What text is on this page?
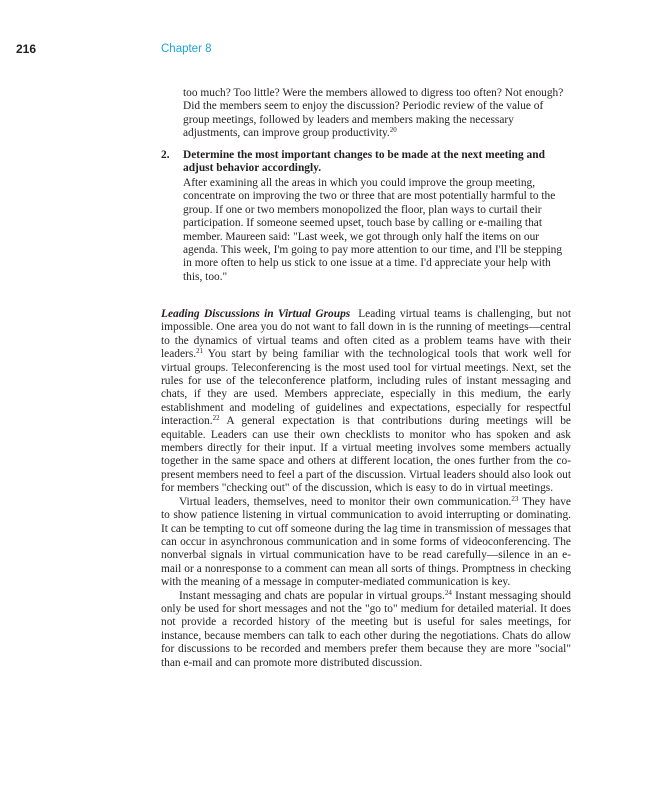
216	Chapter 8
too much? Too little? Were the members allowed to digress too often? Not enough? Did the members seem to enjoy the discussion? Periodic review of the value of group meetings, followed by leaders and members making the necessary adjustments, can improve group productivity.$^{20}$
2. Determine the most important changes to be made at the next meeting and adjust behavior accordingly.
After examining all the areas in which you could improve the group meeting, concentrate on improving the two or three that are most potentially harmful to the group. If one or two members monopolized the floor, plan ways to curtail their participation. If someone seemed upset, touch base by calling or e-mailing that member. Maureen said: "Last week, we got through only half the items on our agenda. This week, I'm going to pay more attention to our time, and I'll be stepping in more often to help us stick to one issue at a time. I'd appreciate your help with this, too."

Leading Discussions in Virtual Groups Leading virtual teams is challenging, but not impossible. One area you do not want to fall down in is the running of meetings—central to the dynamics of virtual teams and often cited as a problem teams have with their leaders.$^{21}$ You start by being familiar with the technological tools that work well for virtual groups. Teleconferencing is the most used tool for virtual meetings. Next, set the rules for use of the teleconference platform, including rules of instant messaging and chats, if they are used. Members appreciate, especially in this medium, the early establishment and modeling of guidelines and expectations, especially for respectful interaction.$^{22}$ A general expectation is that contributions during meetings will be equitable. Leaders can use their own checklists to monitor who has spoken and ask members directly for their input. If a virtual meeting involves some members actually together in the same space and others at different location, the ones further from the co-present members need to feel a part of the discussion. Virtual leaders should also look out for members "checking out" of the discussion, which is easy to do in virtual meetings.

Virtual leaders, themselves, need to monitor their own communication.$^{23}$ They have to show patience listening in virtual communication to avoid interrupting or dominating. It can be tempting to cut off someone during the lag time in transmission of messages that can occur in asynchronous communication and in some forms of videoconferencing. The nonverbal signals in virtual communication have to be read carefully—silence in an e-mail or a nonresponse to a comment can mean all sorts of things. Promptness in checking with the meaning of a message in computer-mediated communication is key.

Instant messaging and chats are popular in virtual groups.$^{24}$ Instant messaging should only be used for short messages and not the "go to" medium for detailed material. It does not provide a recorded history of the meeting but is useful for sales meetings, for instance, because members can talk to each other during the negotiations. Chats do allow for discussions to be recorded and members prefer them because they are more "social" than e-mail and can promote more distributed discussion.
